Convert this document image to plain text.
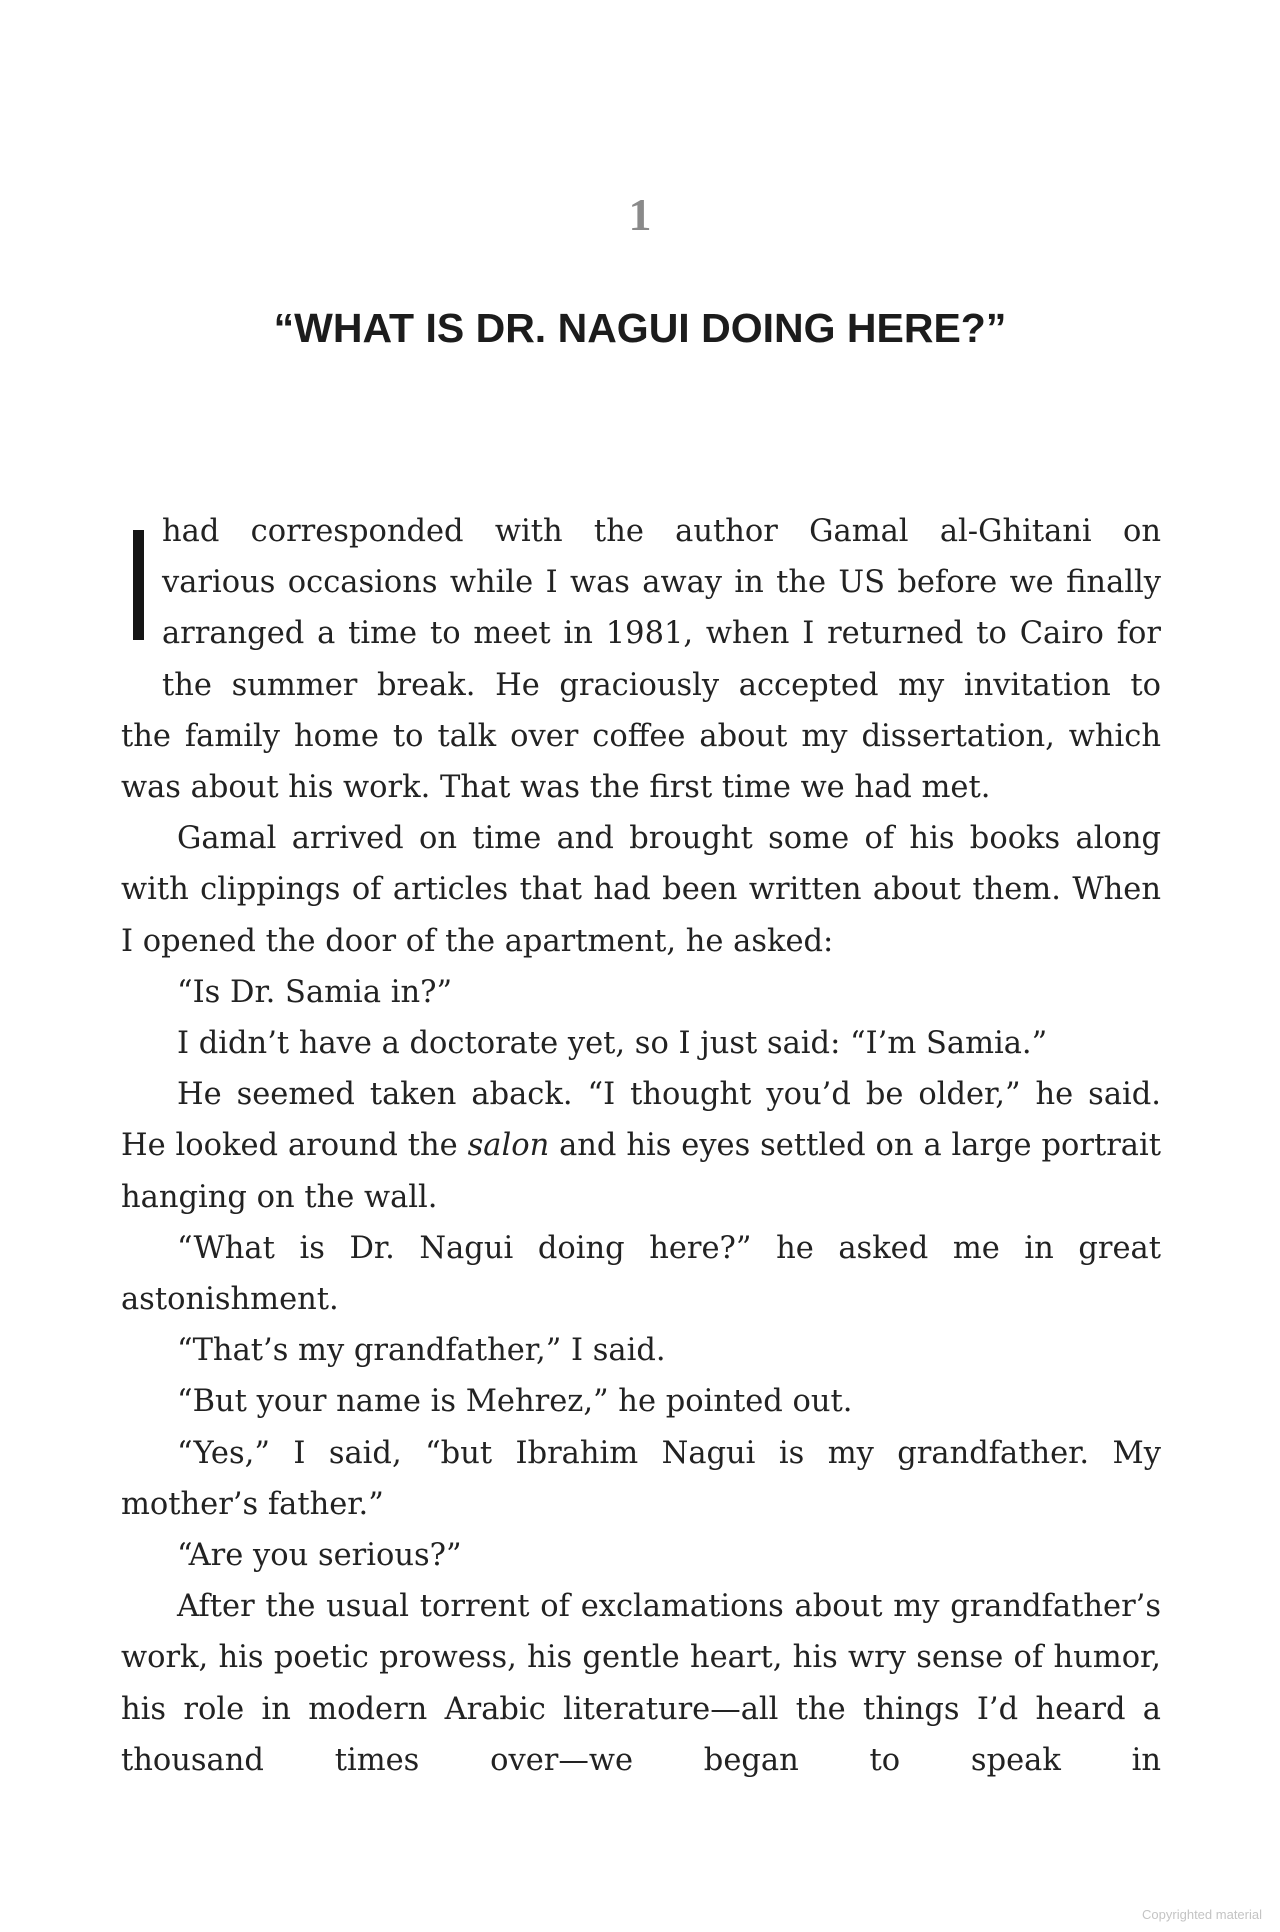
1
“WHAT IS DR. NAGUI DOING HERE?”
had corresponded with the author Gamal al-Ghitani on
various occasions while I was away in the US before we finally
arranged a time to meet in 1981, when I returned to Cairo for
the summer break. He graciously accepted my invitation to

the family home to talk over coffee about my dissertation, which was about his work. That was the first time we had met.

Gamal arrived on time and brought some of his books along with clippings of articles that had been written about them. When I opened the door of the apartment, he asked:

“Is Dr. Samia in?”

I didn’t have a doctorate yet, so I just said: “I’m Samia.”

He seemed taken aback. “I thought you’d be older,” he said. He looked around the salon and his eyes settled on a large portrait hanging on the wall.

“What is Dr. Nagui doing here?” he asked me in great astonishment.

“That’s my grandfather,” I said.

“But your name is Mehrez,” he pointed out.

“Yes,” I said, “but Ibrahim Nagui is my grandfather. My mother’s father.”

“Are you serious?”

After the usual torrent of exclamations about my grandfather’s work, his poetic prowess, his gentle heart, his wry sense of humor, his role in modern Arabic literature—all the things I’d heard a thousand times over—we began to speak in

Copyrighted material
